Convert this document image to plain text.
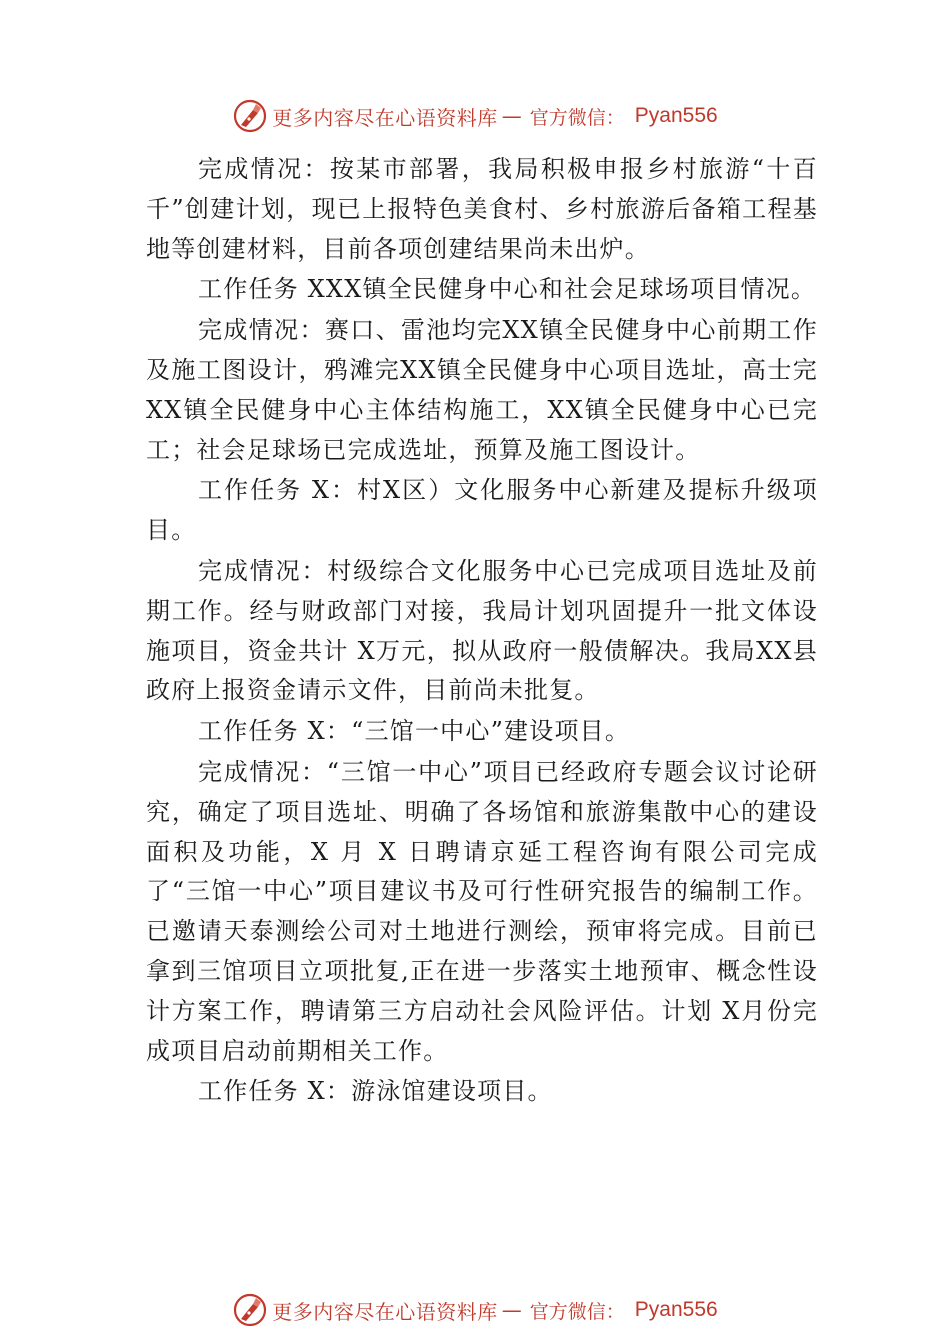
更多内容尽在心语资料库 — 官方微信： Pyan556

完成情况：按某市部署，我局积极申报乡村旅游“十百千”创建计划，现已上报特色美食村、乡村旅游后备箱工程基地等创建材料，目前各项创建结果尚未出炉。

工作任务 XXX镇全民健身中心和社会足球场项目情况。

完成情况：赛口、雷池均完XX镇全民健身中心前期工作及施工图设计，鸦滩完XX镇全民健身中心项目选址，高士完XX镇全民健身中心主体结构施工，XX镇全民健身中心已完工；社会足球场已完成选址，预算及施工图设计。

工作任务 X：村X区）文化服务中心新建及提标升级项目。

完成情况：村级综合文化服务中心已完成项目选址及前期工作。经与财政部门对接，我局计划巩固提升一批文体设施项目，资金共计 X万元，拟从政府一般债解决。我局XX县政府上报资金请示文件，目前尚未批复。

工作任务 X：“三馆一中心”建设项目。

完成情况：“三馆一中心”项目已经政府专题会议讨论研究，确定了项目选址、明确了各场馆和旅游集散中心的建设面积及功能，X 月 X 日聘请京延工程咨询有限公司完成了“三馆一中心”项目建议书及可行性研究报告的编制工作。 已邀请天泰测绘公司对土地进行测绘，预审将完成。目前已拿到三馆项目立项批复,正在进一步落实土地预审、概念性设计方案工作，聘请第三方启动社会风险评估。计划 X月份完成项目启动前期相关工作。

工作任务 X：游泳馆建设项目。

更多内容尽在心语资料库 — 官方微信： Pyan556
